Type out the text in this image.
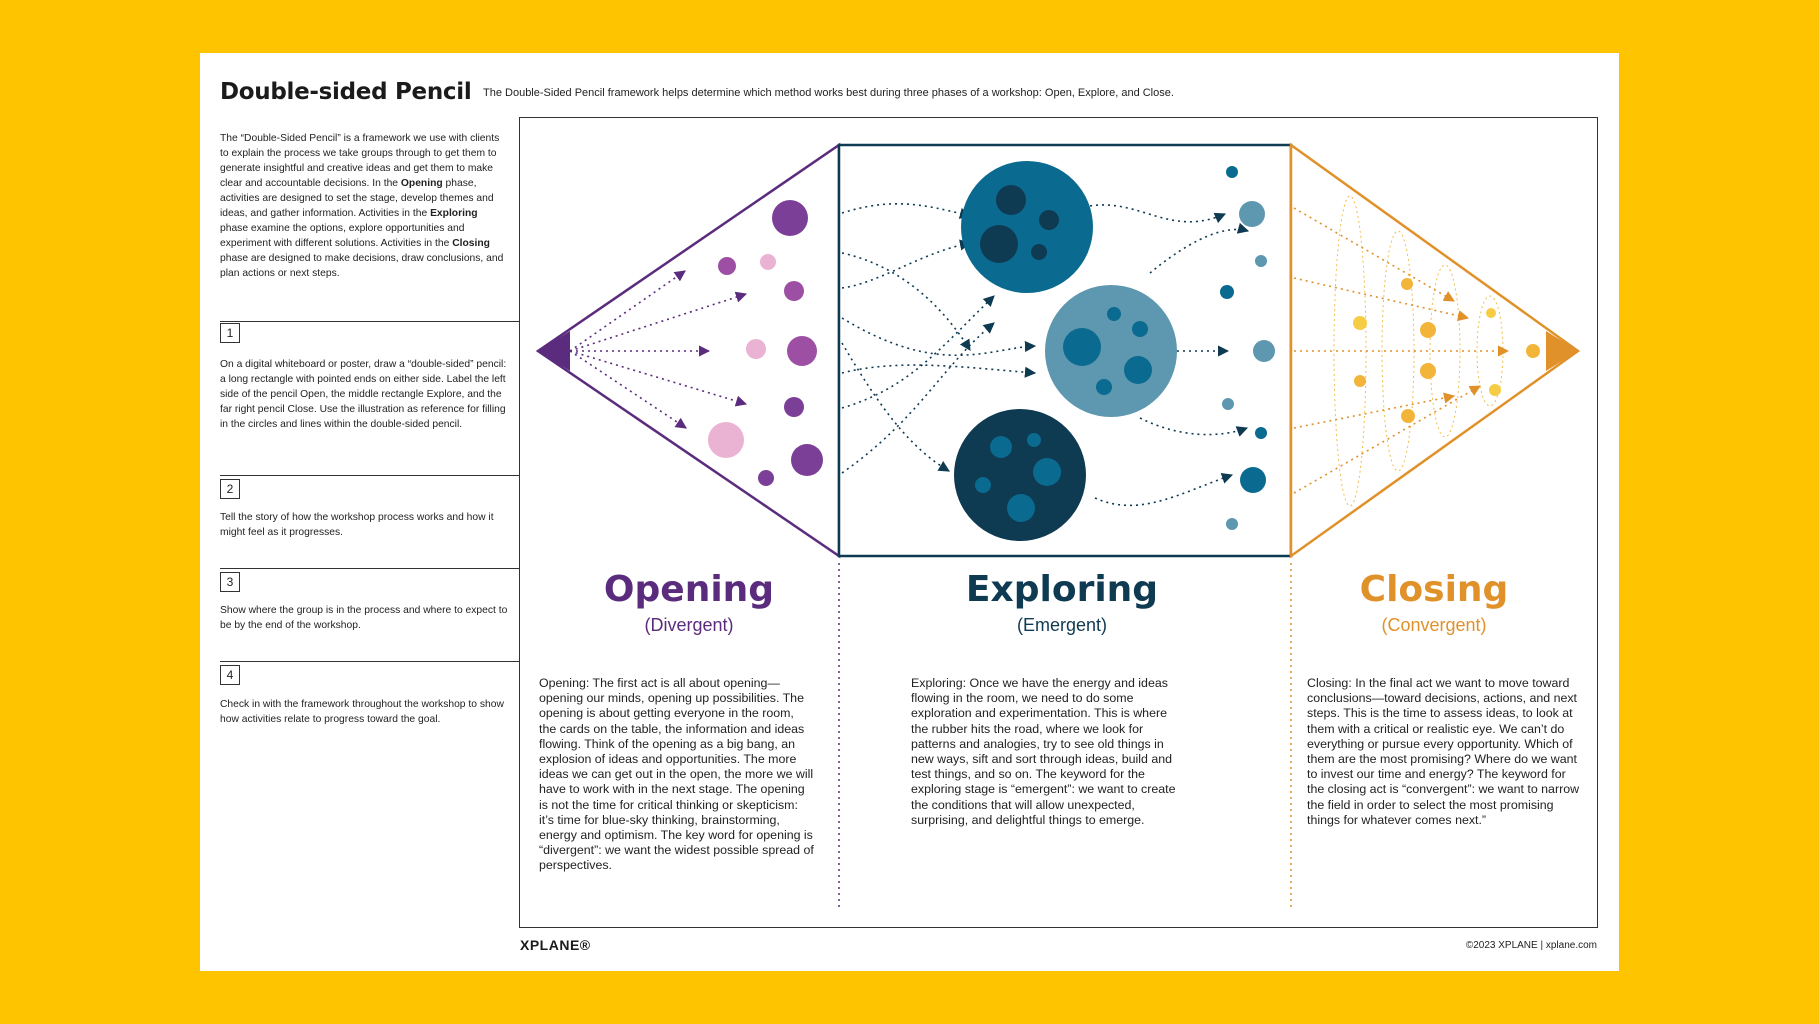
Double-sided Pencil The Double-Sided Pencil framework helps determine which method works best during three phases of a workshop: Open, Explore, and Close.

The “Double-Sided Pencil” is a framework we use with clients to explain the process we take groups through to get them to generate insightful and creative ideas and get them to make clear and accountable decisions. In the Opening phase, activities are designed to set the stage, develop themes and ideas, and gather information. Activities in the Exploring phase examine the options, explore opportunities and experiment with different solutions. Activities in the Closing phase are designed to make decisions, draw conclusions, and plan actions or next steps.

1

On a digital whiteboard or poster, draw a “double-sided” pencil: a long rectangle with pointed ends on either side. Label the left side of the pencil Open, the middle rectangle Explore, and the far right pencil Close. Use the illustration as reference for filling in the circles and lines within the double-sided pencil.

2

Tell the story of how the workshop process works and how it might feel as it progresses.

3

Show where the group is in the process and where to expect to be by the end of the workshop.

4

Check in with the framework throughout the workshop to show how activities relate to progress toward the goal.

Opening
(Divergent)

Opening: The first act is all about opening—opening our minds, opening up possibilities. The opening is about getting everyone in the room, the cards on the table, the information and ideas flowing. Think of the opening as a big bang, an explosion of ideas and opportunities. The more ideas we can get out in the open, the more we will have to work with in the next stage. The opening is not the time for critical thinking or skepticism: it’s time for blue-sky thinking, brainstorming, energy and optimism. The key word for opening is “divergent”: we want the widest possible spread of perspectives.

Exploring
(Emergent)

Exploring: Once we have the energy and ideas flowing in the room, we need to do some exploration and experimentation. This is where the rubber hits the road, where we look for patterns and analogies, try to see old things in new ways, sift and sort through ideas, build and test things, and so on. The keyword for the exploring stage is “emergent”: we want to create the conditions that will allow unexpected, surprising, and delightful things to emerge.

Closing
(Convergent)

Closing: In the final act we want to move toward conclusions—toward decisions, actions, and next steps. This is the time to assess ideas, to look at them with a critical or realistic eye. We can’t do everything or pursue every opportunity. Which of them are the most promising? Where do we want to invest our time and energy? The keyword for the closing act is “convergent”: we want to narrow the field in order to select the most promising things for whatever comes next.”

XPLANE®	©2023 XPLANE | xplane.com
